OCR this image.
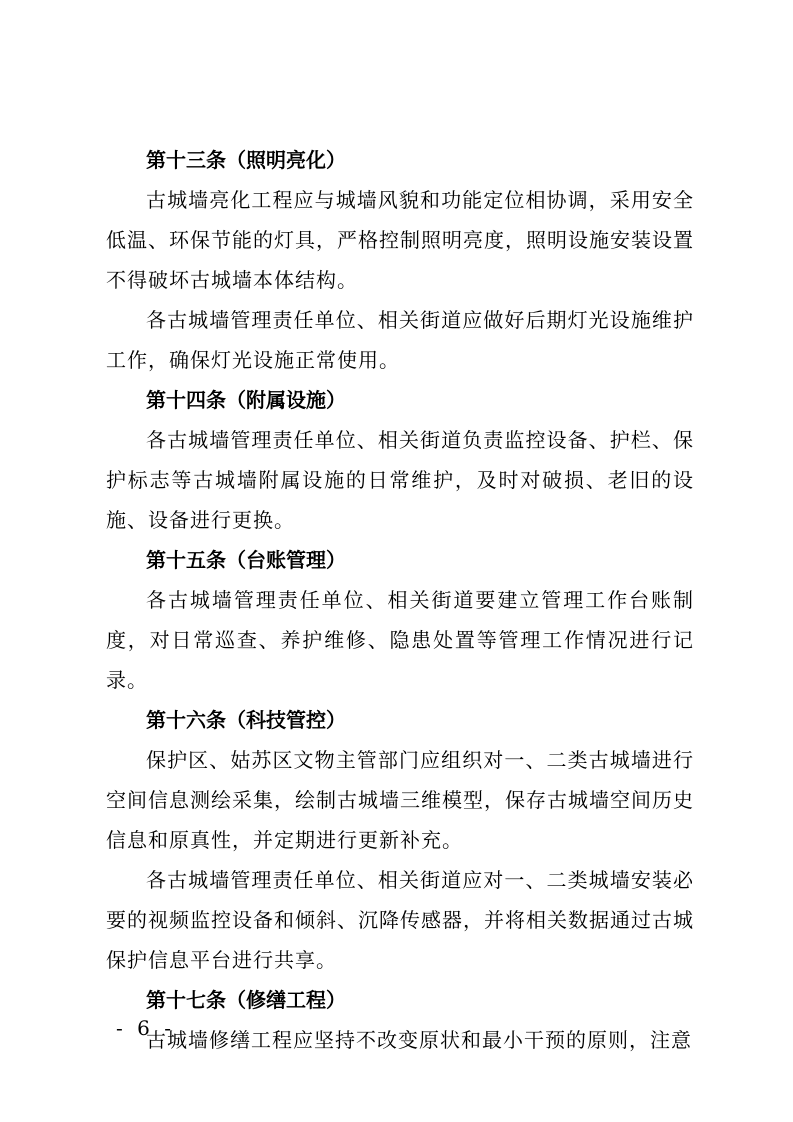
第十三条（照明亮化）

古城墙亮化工程应与城墙风貌和功能定位相协调，采用安全低温、环保节能的灯具，严格控制照明亮度，照明设施安装设置不得破坏古城墙本体结构。

各古城墙管理责任单位、相关街道应做好后期灯光设施维护工作，确保灯光设施正常使用。

第十四条（附属设施）

各古城墙管理责任单位、相关街道负责监控设备、护栏、保护标志等古城墙附属设施的日常维护，及时对破损、老旧的设施、设备进行更换。

第十五条（台账管理）

各古城墙管理责任单位、相关街道要建立管理工作台账制度，对日常巡查、养护维修、隐患处置等管理工作情况进行记录。

第十六条（科技管控）

保护区、姑苏区文物主管部门应组织对一、二类古城墙进行空间信息测绘采集，绘制古城墙三维模型，保存古城墙空间历史信息和原真性，并定期进行更新补充。

各古城墙管理责任单位、相关街道应对一、二类城墙安装必要的视频监控设备和倾斜、沉降传感器，并将相关数据通过古城保护信息平台进行共享。

第十七条（修缮工程）

古城墙修缮工程应坚持不改变原状和最小干预的原则，注意

- 6 -
